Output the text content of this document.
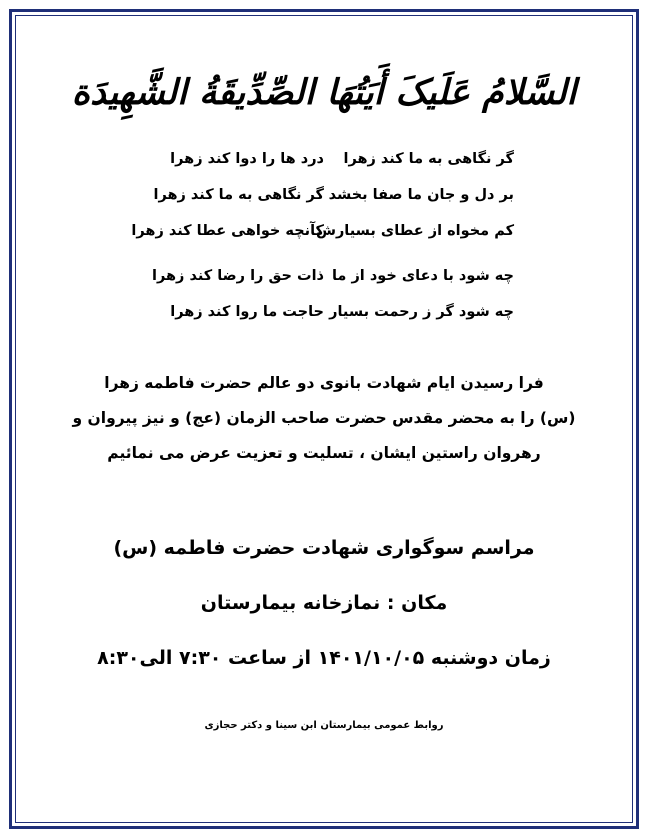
السَّلامُ عَلَیکَ أَیَتُهَا الصِّدِّیقَةُ الشَّهِیدَة
گر نگاهی به ما کند زهرا
درد ها را دوا کند زهرا
بر دل و جان ما صفا بخشد
گر نگاهی به ما کند زهرا
کم مخواه از عطای بسیارش
کآنچه خواهی عطا کند زهرا
چه شود با دعای خود از ما
ذات حق را رضا کند زهرا
چه شود گر ز رحمت بسیار
حاجت ما روا کند زهرا
فرا رسیدن ایام شهادت بانوی دو عالم حضرت فاطمه زهرا
(س) را به محضر مقدس حضرت صاحب الزمان (عج) و نیز پیروان و
رهروان راستین ایشان ، تسلیت و تعزیت عرض می نمائیم
مراسم سوگواری شهادت حضرت فاطمه (س)
مکان : نمازخانه بیمارستان
زمان دوشنبه ۱۴۰۱/۱۰/۰۵ از ساعت ۷:۳۰ الی۸:۳۰
روابط عمومی بیمارستان ابن سینا و دکتر حجازی
